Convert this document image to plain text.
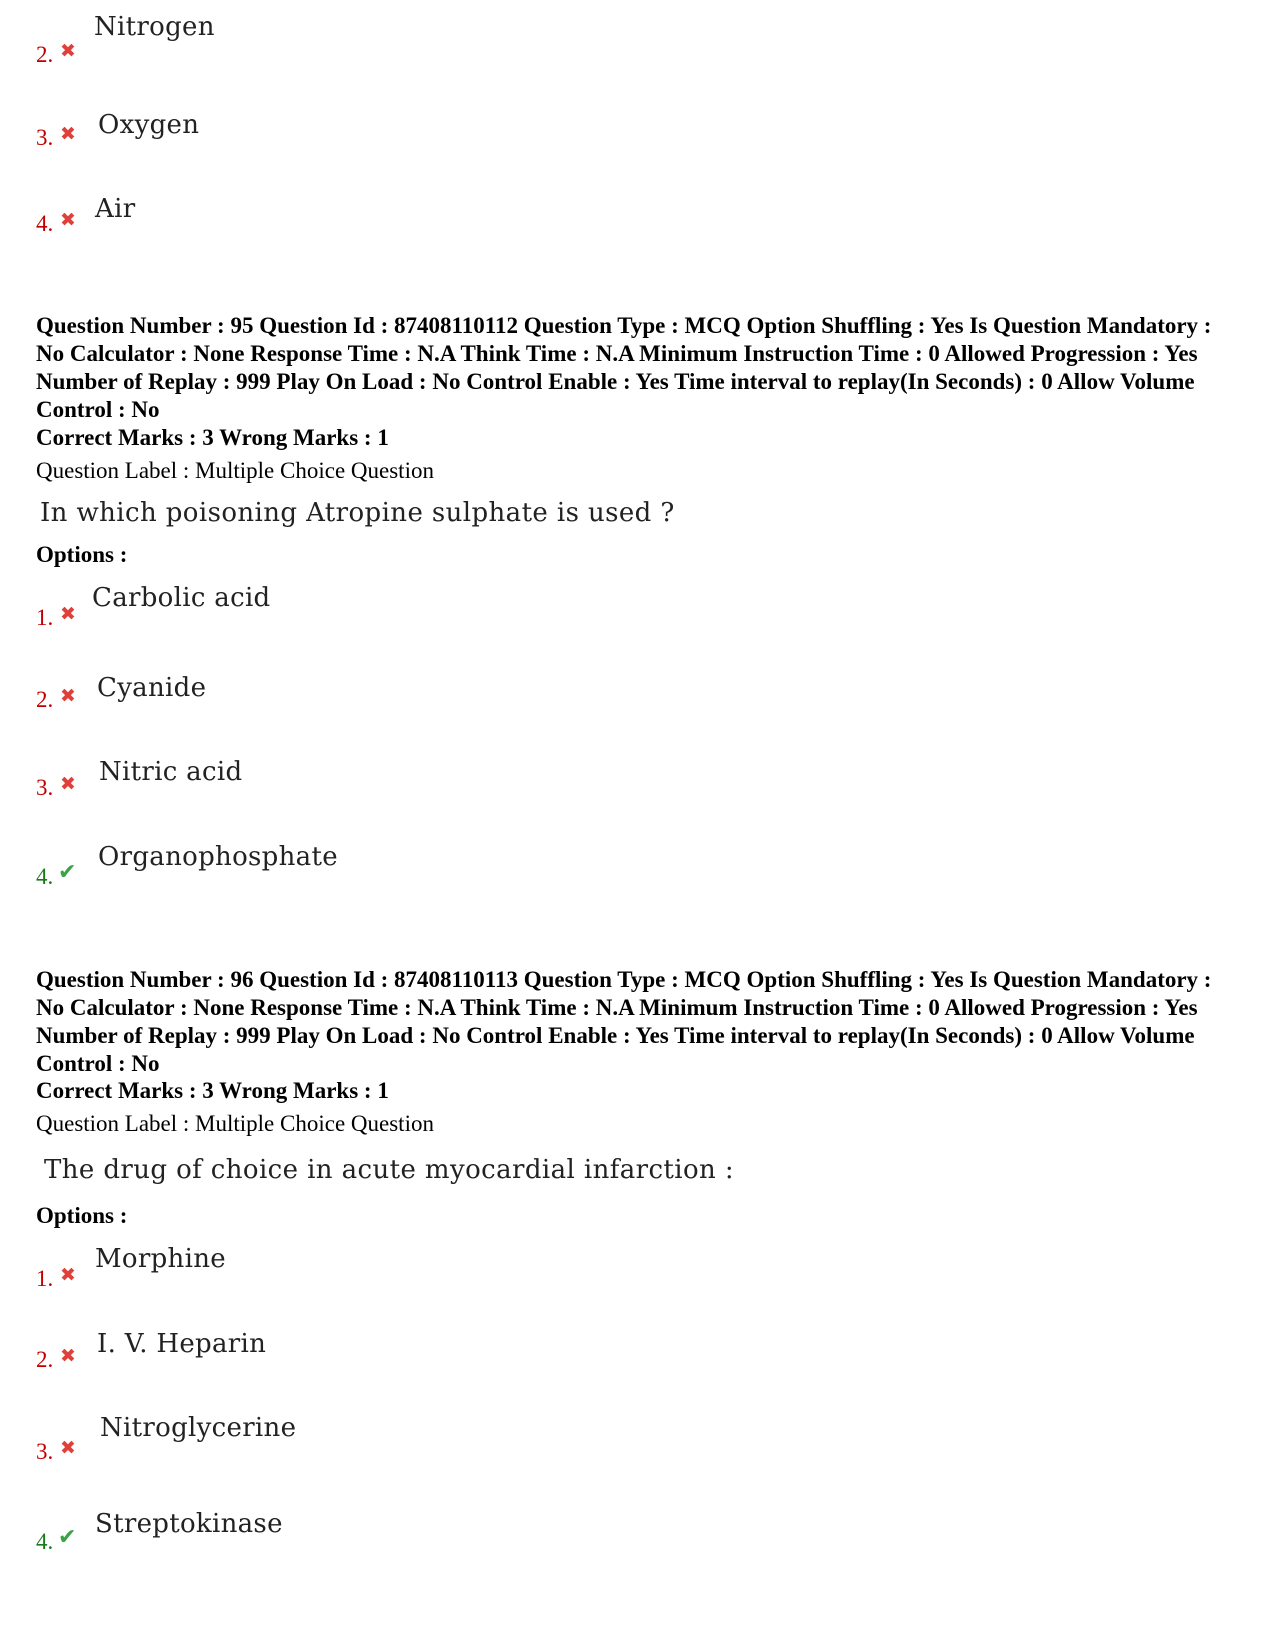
2. ✖
Nitrogen
3. ✖ Oxygen
4. ✖ Air
Question Number : 95 Question Id : 87408110112 Question Type : MCQ Option Shuffling : Yes Is Question Mandatory : No Calculator : None Response Time : N.A Think Time : N.A Minimum Instruction Time : 0 Allowed Progression : Yes Number of Replay : 999 Play On Load : No Control Enable : Yes Time interval to replay(In Seconds) : 0 Allow Volume Control : No
Correct Marks : 3 Wrong Marks : 1
Question Label : Multiple Choice Question
In which poisoning Atropine sulphate is used ?
Options :
1. ✖
Carbolic acid
2. ✖ Cyanide
3. ✖ Nitric acid
4. ✔
Organophosphate
Question Number : 96 Question Id : 87408110113 Question Type : MCQ Option Shuffling : Yes Is Question Mandatory : No Calculator : None Response Time : N.A Think Time : N.A Minimum Instruction Time : 0 Allowed Progression : Yes Number of Replay : 999 Play On Load : No Control Enable : Yes Time interval to replay(In Seconds) : 0 Allow Volume Control : No
Correct Marks : 3 Wrong Marks : 1
Question Label : Multiple Choice Question
The drug of choice in acute myocardial infarction :
Options :
1. ✖
Morphine
2. ✖ I. V. Heparin
3. ✖
Nitroglycerine
4. ✔ Streptokinase
